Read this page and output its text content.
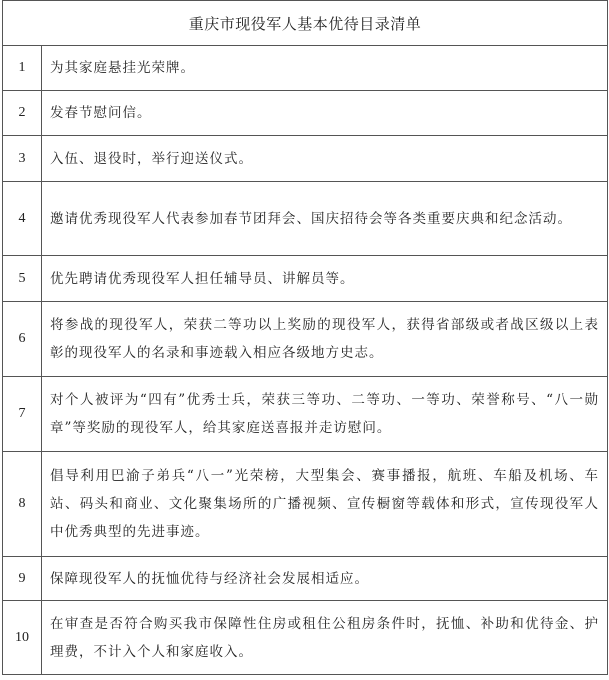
重庆市现役军人基本优待目录清单	
1	为其家庭悬挂光荣牌。
2	发春节慰问信。
3	入伍、退役时，举行迎送仪式。
4	邀请优秀现役军人代表参加春节团拜会、国庆招待会等各类重要庆典和纪念活动。
5	优先聘请优秀现役军人担任辅导员、讲解员等。
6	将参战的现役军人，荣获二等功以上奖励的现役军人，获得省部级或者战区级以上表彰的现役军人的名录和事迹载入相应各级地方史志。
7	对个人被评为“四有”优秀士兵，荣获三等功、二等功、一等功、荣誉称号、“八一勋章”等奖励的现役军人，给其家庭送喜报并走访慰问。
8	倡导利用巴渝子弟兵“八一”光荣榜，大型集会、赛事播报，航班、车船及机场、车站、码头和商业、文化聚集场所的广播视频、宣传橱窗等载体和形式，宣传现役军人中优秀典型的先进事迹。
9	保障现役军人的抚恤优待与经济社会发展相适应。
10	在审查是否符合购买我市保障性住房或租住公租房条件时，抚恤、补助和优待金、护理费，不计入个人和家庭收入。
